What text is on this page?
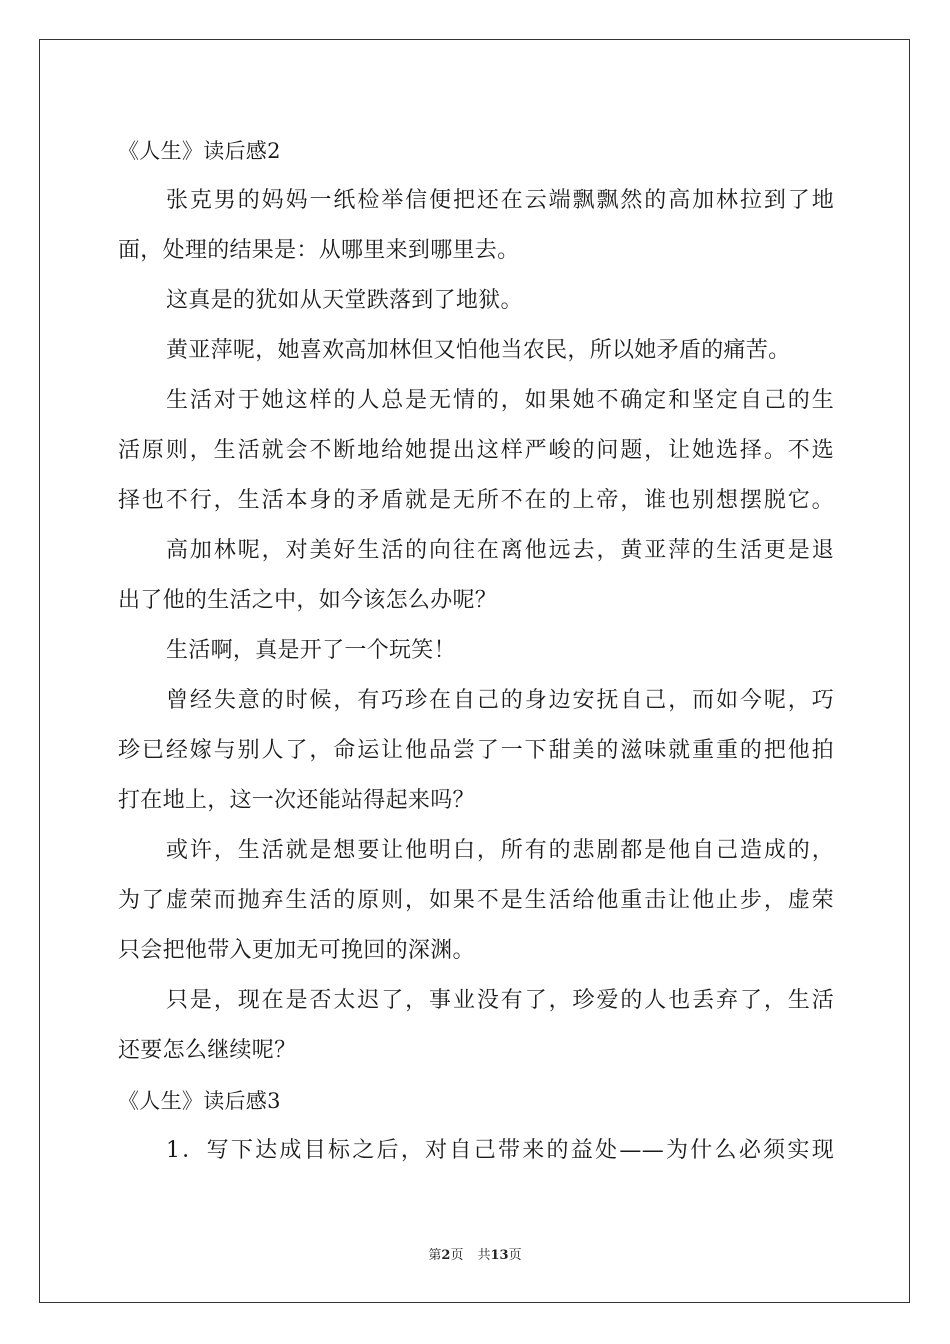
《人生》读后感2
张克男的妈妈一纸检举信便把还在云端飘飘然的高加林拉到了地
面，处理的结果是：从哪里来到哪里去。
这真是的犹如从天堂跌落到了地狱。
黄亚萍呢，她喜欢高加林但又怕他当农民，所以她矛盾的痛苦。
生活对于她这样的人总是无情的，如果她不确定和坚定自己的生
活原则，生活就会不断地给她提出这样严峻的问题，让她选择。不选
择也不行，生活本身的矛盾就是无所不在的上帝，谁也别想摆脱它。
高加林呢，对美好生活的向往在离他远去，黄亚萍的生活更是退
出了他的生活之中，如今该怎么办呢？
生活啊，真是开了一个玩笑！
曾经失意的时候，有巧珍在自己的身边安抚自己，而如今呢，巧
珍已经嫁与别人了，命运让他品尝了一下甜美的滋味就重重的把他拍
打在地上，这一次还能站得起来吗？
或许，生活就是想要让他明白，所有的悲剧都是他自己造成的，
为了虚荣而抛弃生活的原则，如果不是生活给他重击让他止步，虚荣
只会把他带入更加无可挽回的深渊。
只是，现在是否太迟了，事业没有了，珍爱的人也丢弃了，生活
还要怎么继续呢？
《人生》读后感3
1．写下达成目标之后，对自己带来的益处——为什么必须实现
第2页 共13页
